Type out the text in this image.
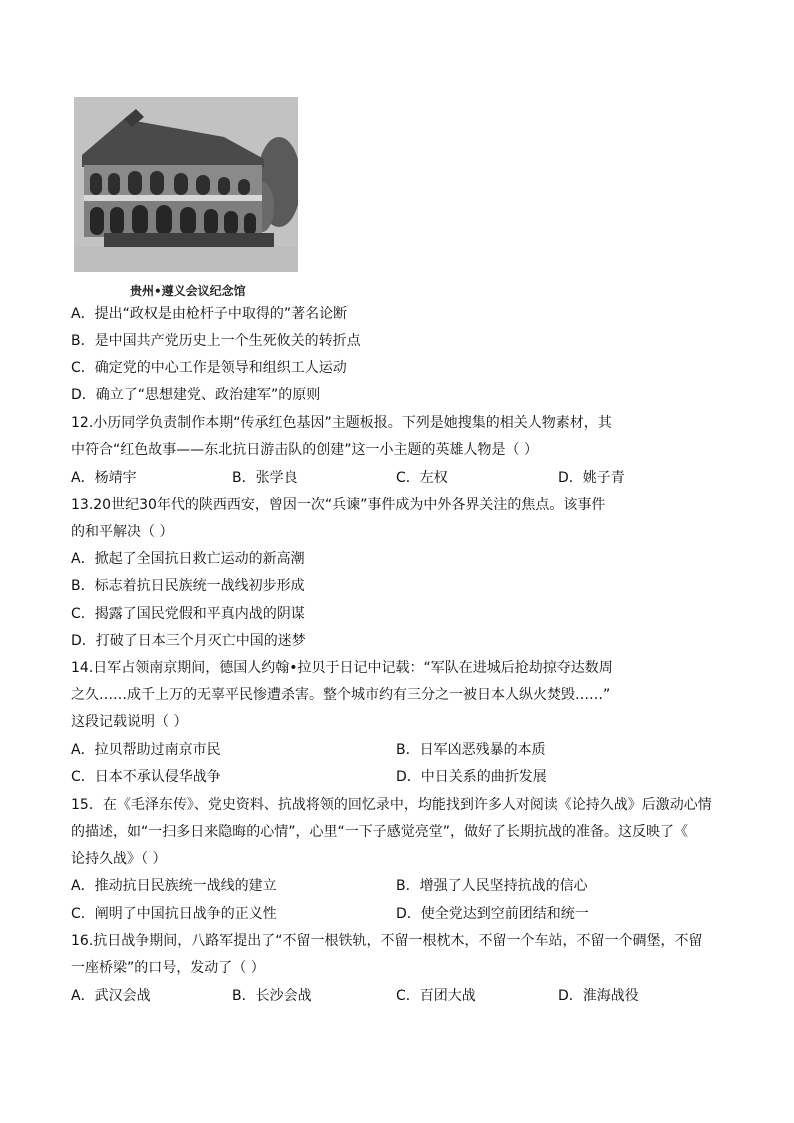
贵州•遵义会议纪念馆
A．提出“政权是由枪杆子中取得的”著名论断
B．是中国共产党历史上一个生死攸关的转折点
C．确定党的中心工作是领导和组织工人运动
D．确立了“思想建党、政治建军”的原则
12.小历同学负责制作本期“传承红色基因”主题板报。下列是她搜集的相关人物素材，其
中符合“红色故事——东北抗日游击队的创建”这一小主题的英雄人物是（ ）
A．杨靖宇	B．张学良	C．左权	D．姚子青
13.20世纪30年代的陕西西安，曾因一次“兵谏”事件成为中外各界关注的焦点。该事件
的和平解决（ ）
A．掀起了全国抗日救亡运动的新高潮
B．标志着抗日民族统一战线初步形成
C．揭露了国民党假和平真内战的阴谋
D．打破了日本三个月灭亡中国的迷梦
14.日军占领南京期间，德国人约翰•拉贝于日记中记载：“军队在进城后抢劫掠夺达数周
之久……成千上万的无辜平民惨遭杀害。整个城市约有三分之一被日本人纵火焚毁……”
这段记载说明（ ）
A．拉贝帮助过南京市民	B．日军凶恶残暴的本质
C．日本不承认侵华战争	D．中日关系的曲折发展
15．在《毛泽东传》、党史资料、抗战将领的回忆录中，均能找到许多人对阅读《论持久战》后激动心情
的描述，如“一扫多日来隐晦的心情”，心里“一下子感觉亮堂”，做好了长期抗战的准备。这反映了《
论持久战》（ ）
A．推动抗日民族统一战线的建立	B．增强了人民坚持抗战的信心
C．阐明了中国抗日战争的正义性	D．使全党达到空前团结和统一
16.抗日战争期间，八路军提出了“不留一根铁轨，不留一根枕木，不留一个车站，不留一个碉堡，不留
一座桥梁”的口号，发动了（ ）
A．武汉会战	B．长沙会战	C．百团大战	D．淮海战役
